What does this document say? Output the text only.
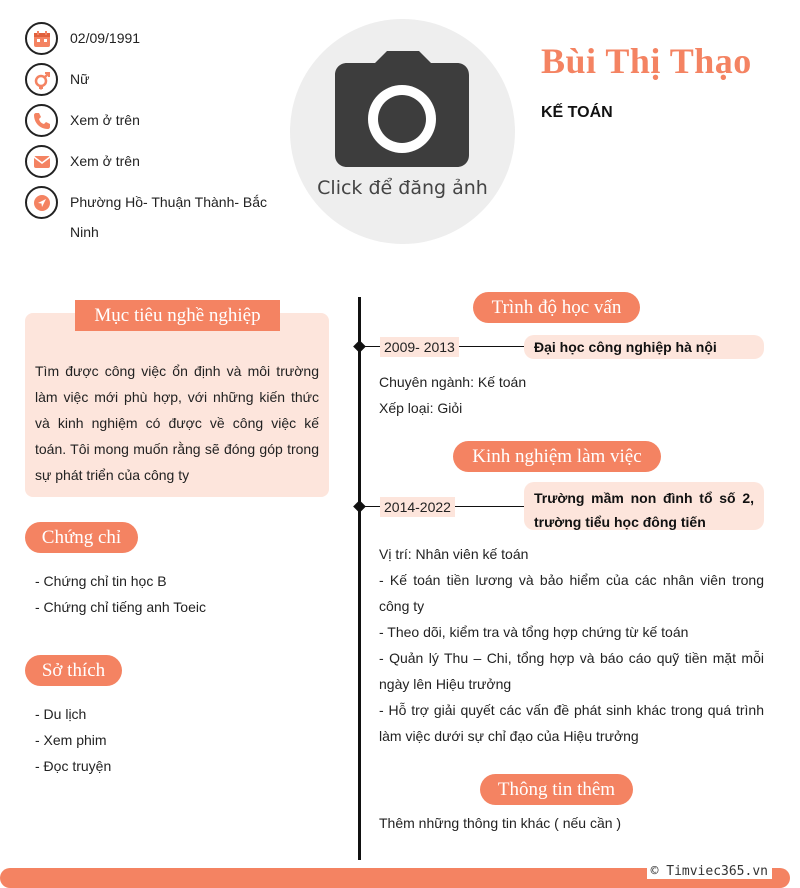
02/09/1991
Nữ
Xem ở trên
Xem ở trên
Phường Hồ- Thuận Thành- Bắc Ninh
Click để đăng ảnh
Bùi Thị Thạo
KẾ TOÁN
Mục tiêu nghề nghiệp
Tìm được công việc ổn định và môi trường làm việc mới phù hợp, với những kiến thức và kinh nghiệm có được về công việc kế toán. Tôi mong muốn rằng sẽ đóng góp trong sự phát triển của công ty
Chứng chỉ
- Chứng chỉ tin học B
- Chứng chỉ tiếng anh Toeic
Sở thích
- Du lịch
- Xem phim
- Đọc truyện
Trình độ học vấn
2009- 2013	Đại học công nghiệp hà nội
Chuyên ngành: Kế toán
Xếp loại: Giỏi
Kinh nghiệm làm việc
2014-2022
Trường mầm non đình tổ số 2, trường tiểu học đông tiến
Vị trí: Nhân viên kế toán
- Kế toán tiền lương và bảo hiểm của các nhân viên trong công ty
- Theo dõi, kiểm tra và tổng hợp chứng từ kế toán
- Quản lý Thu – Chi, tổng hợp và báo cáo quỹ tiền mặt mỗi ngày lên Hiệu trưởng
- Hỗ trợ giải quyết các vấn đề phát sinh khác trong quá trình làm việc dưới sự chỉ đạo của Hiệu trưởng
Thông tin thêm
Thêm những thông tin khác ( nếu cần )
© Timviec365.vn
